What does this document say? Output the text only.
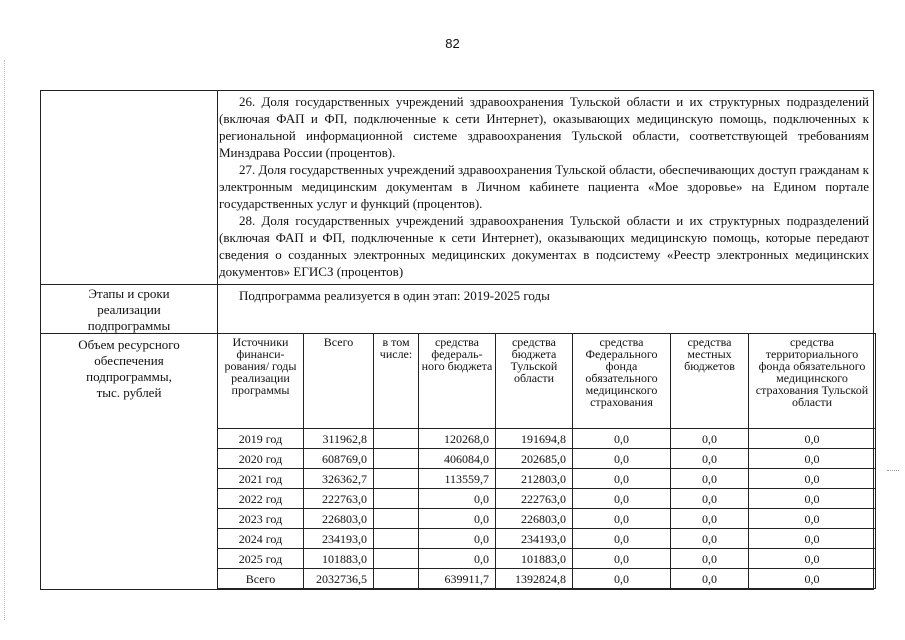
82

26. Доля государственных учреждений здравоохранения Тульской области и их структурных подразделений (включая ФАП и ФП, подключенные к сети Интернет), оказывающих медицинскую помощь, подключенных к региональной информационной системе здравоохранения Тульской области, соответствующей требованиям Минздрава России (процентов).

27. Доля государственных учреждений здравоохранения Тульской области, обеспечивающих доступ гражданам к электронным медицинским документам в Личном кабинете пациента «Мое здоровье» на Едином портале государственных услуг и функций (процентов).

28. Доля государственных учреждений здравоохранения Тульской области и их структурных подразделений (включая ФАП и ФП, подключенные к сети Интернет), оказывающих медицинскую помощь, которые передают сведения о созданных электронных медицинских документах в подсистему «Реестр электронных медицинских документов» ЕГИСЗ (процентов)

Этапы и сроки
реализации
подпрограммы
Подпрограмма реализуется в один этап: 2019-2025 годы
Объем ресурсного
обеспечения
подпрограммы,
тыс. рублей
Источники финанси-рования/ годы реализации программы	Всего	в том числе:	средства федераль-ного бюджета	средства бюджета Тульской области	средства Федерального фонда обязательного медицинского страхования	средства местных бюджетов	средства территориального фонда обязательного медицинского страхования Тульской области
2019 год	311962,8		120268,0	191694,8	0,0	0,0	0,0
2020 год	608769,0		406084,0	202685,0	0,0	0,0	0,0
2021 год	326362,7		113559,7	212803,0	0,0	0,0	0,0
2022 год	222763,0		0,0	222763,0	0,0	0,0	0,0
2023 год	226803,0		0,0	226803,0	0,0	0,0	0,0
2024 год	234193,0		0,0	234193,0	0,0	0,0	0,0
2025 год	101883,0		0,0	101883,0	0,0	0,0	0,0
Всего	2032736,5		639911,7	1392824,8	0,0	0,0	0,0
